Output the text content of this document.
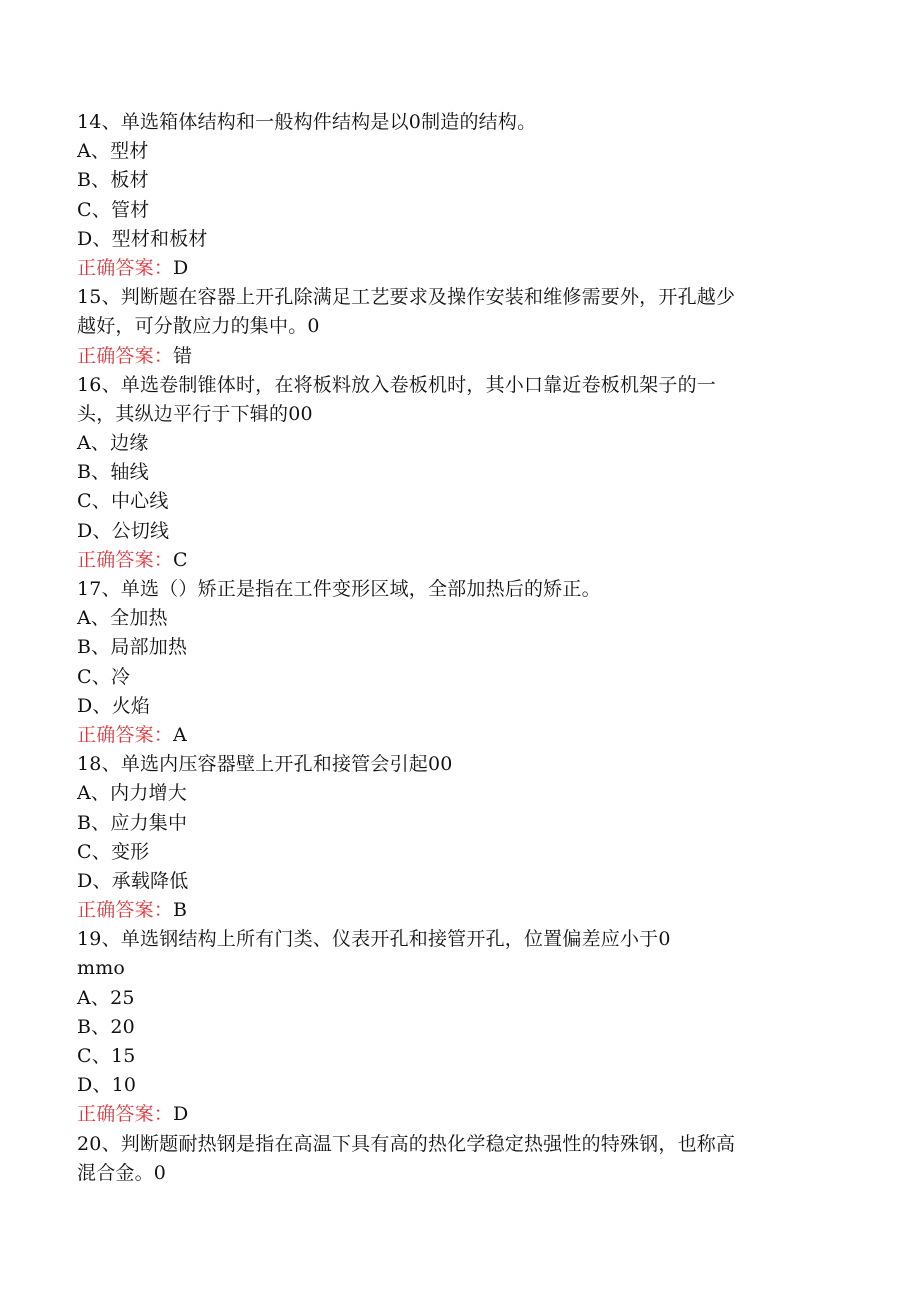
14、单选箱体结构和一般构件结构是以0制造的结构。
A、型材
B、板材
C、管材
D、型材和板材
正确答案：D
15、判断题在容器上开孔除满足工艺要求及操作安装和维修需要外，开孔越少
越好，可分散应力的集中。0
正确答案：错
16、单选卷制锥体时，在将板料放入卷板机时，其小口靠近卷板机架子的一
头，其纵边平行于下辑的00
A、边缘
B、轴线
C、中心线
D、公切线
正确答案：C
17、单选（）矫正是指在工件变形区域，全部加热后的矫正。
A、全加热
B、局部加热
C、冷
D、火焰
正确答案：A
18、单选内压容器壁上开孔和接管会引起00
A、内力增大
B、应力集中
C、变形
D、承载降低
正确答案：B
19、单选钢结构上所有门类、仪表开孔和接管开孔，位置偏差应小于0
mmo
A、25
B、20
C、15
D、10
正确答案：D
20、判断题耐热钢是指在高温下具有高的热化学稳定热强性的特殊钢，也称高
混合金。0
